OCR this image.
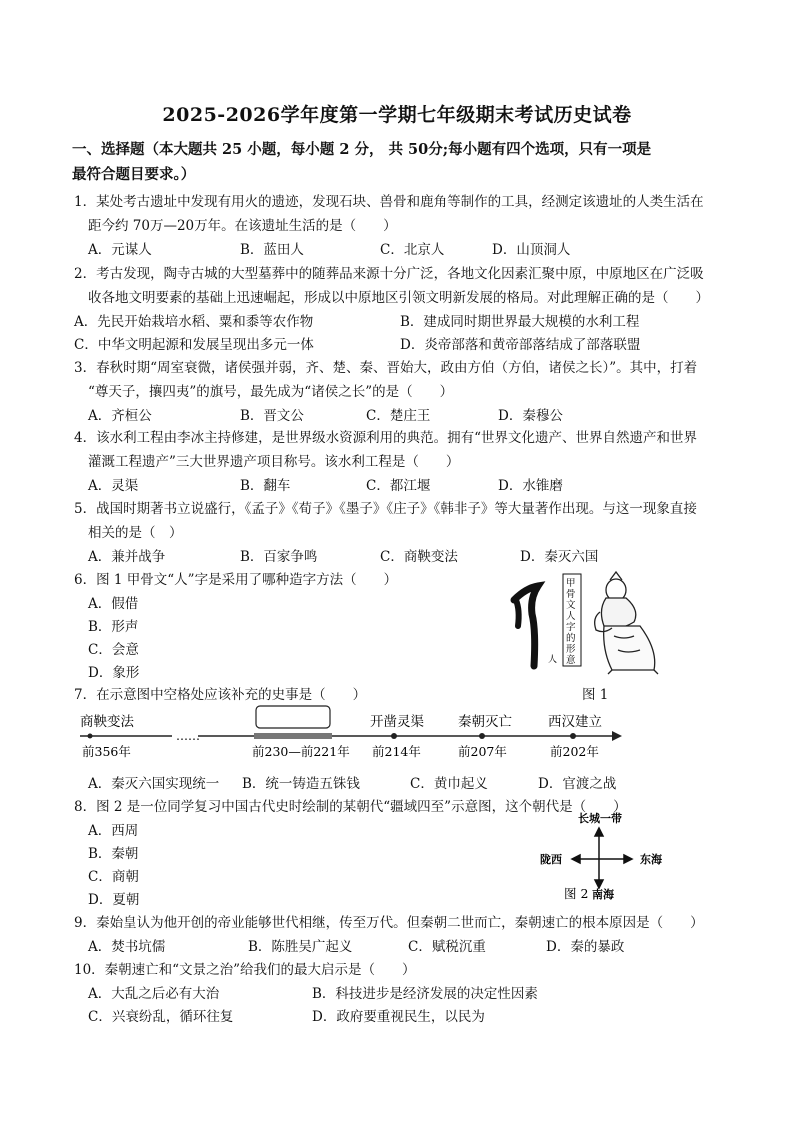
2025-2026学年度第一学期七年级期末考试历史试卷
一、选择题（本大题共 25 小题，每小题 2 分， 共 50分;每小题有四个选项，只有一项是
最符合题目要求。）
1．某处考古遗址中发现有用火的遗迹，发现石块、兽骨和鹿角等制作的工具，经测定该遗址的人类生活在
距今约 70万—20万年。在该遗址生活的是（　　）
A．元谋人	B．蓝田人	C．北京人	D．山顶洞人
2．考古发现，陶寺古城的大型墓葬中的随葬品来源十分广泛，各地文化因素汇聚中原，中原地区在广泛吸
收各地文明要素的基础上迅速崛起，形成以中原地区引领文明新发展的格局。对此理解正确的是（　　）
A．先民开始栽培水稻、粟和黍等农作物	B．建成同时期世界最大规模的水利工程
C．中华文明起源和发展呈现出多元一体	D．炎帝部落和黄帝部落结成了部落联盟
3．春秋时期“周室衰微，诸侯强并弱，齐、楚、秦、晋始大，政由方伯（方伯，诸侯之长）”。其中，打着
“尊天子，攘四夷”的旗号，最先成为“诸侯之长”的是（　　）
A．齐桓公	B．晋文公	C．楚庄王	D．秦穆公
4．该水利工程由李冰主持修建，是世界级水资源利用的典范。拥有“世界文化遗产、世界自然遗产和世界
灌溉工程遗产”三大世界遗产项目称号。该水利工程是（　　）
A．灵渠	B．翻车	C．都江堰	D．水锥磨
5．战国时期著书立说盛行，《孟子》《荀子》《墨子》《庄子》《韩非子》等大量著作出现。与这一现象直接
相关的是（　）
A．兼并战争	B．百家争鸣	C．商鞅变法	D．秦灭六国
6．图 1 甲骨文“人”字是采用了哪种造字方法（　　）
A．假借
B．形声
C．会意
D．象形
人
甲
骨
文
人
字
的
形
意
图 1
7．在示意图中空格处应该补充的史事是（　　）
……
商鞅变法	开凿灵渠	秦朝灭亡	西汉建立
前356年	前230—前221年 前214年	前207年	前202年
A．秦灭六国实现统一 B．统一铸造五铢钱	C．黄巾起义	D．官渡之战
8．图 2 是一位同学复习中国古代史时绘制的某朝代“疆域四至”示意图，这个朝代是（　　）
A．西周
B．秦朝
C．商朝
D．夏朝
长城一带
陇西	东海
图 2 南海
9．秦始皇认为他开创的帝业能够世代相继，传至万代。但秦朝二世而亡，秦朝速亡的根本原因是（　　）
A．焚书坑儒	B．陈胜吴广起义	C．赋税沉重	D．秦的暴政
10．秦朝速亡和“文景之治”给我们的最大启示是（　　）
A．大乱之后必有大治	B．科技进步是经济发展的决定性因素
C．兴衰纷乱，循环往复	D．政府要重视民生，以民为
